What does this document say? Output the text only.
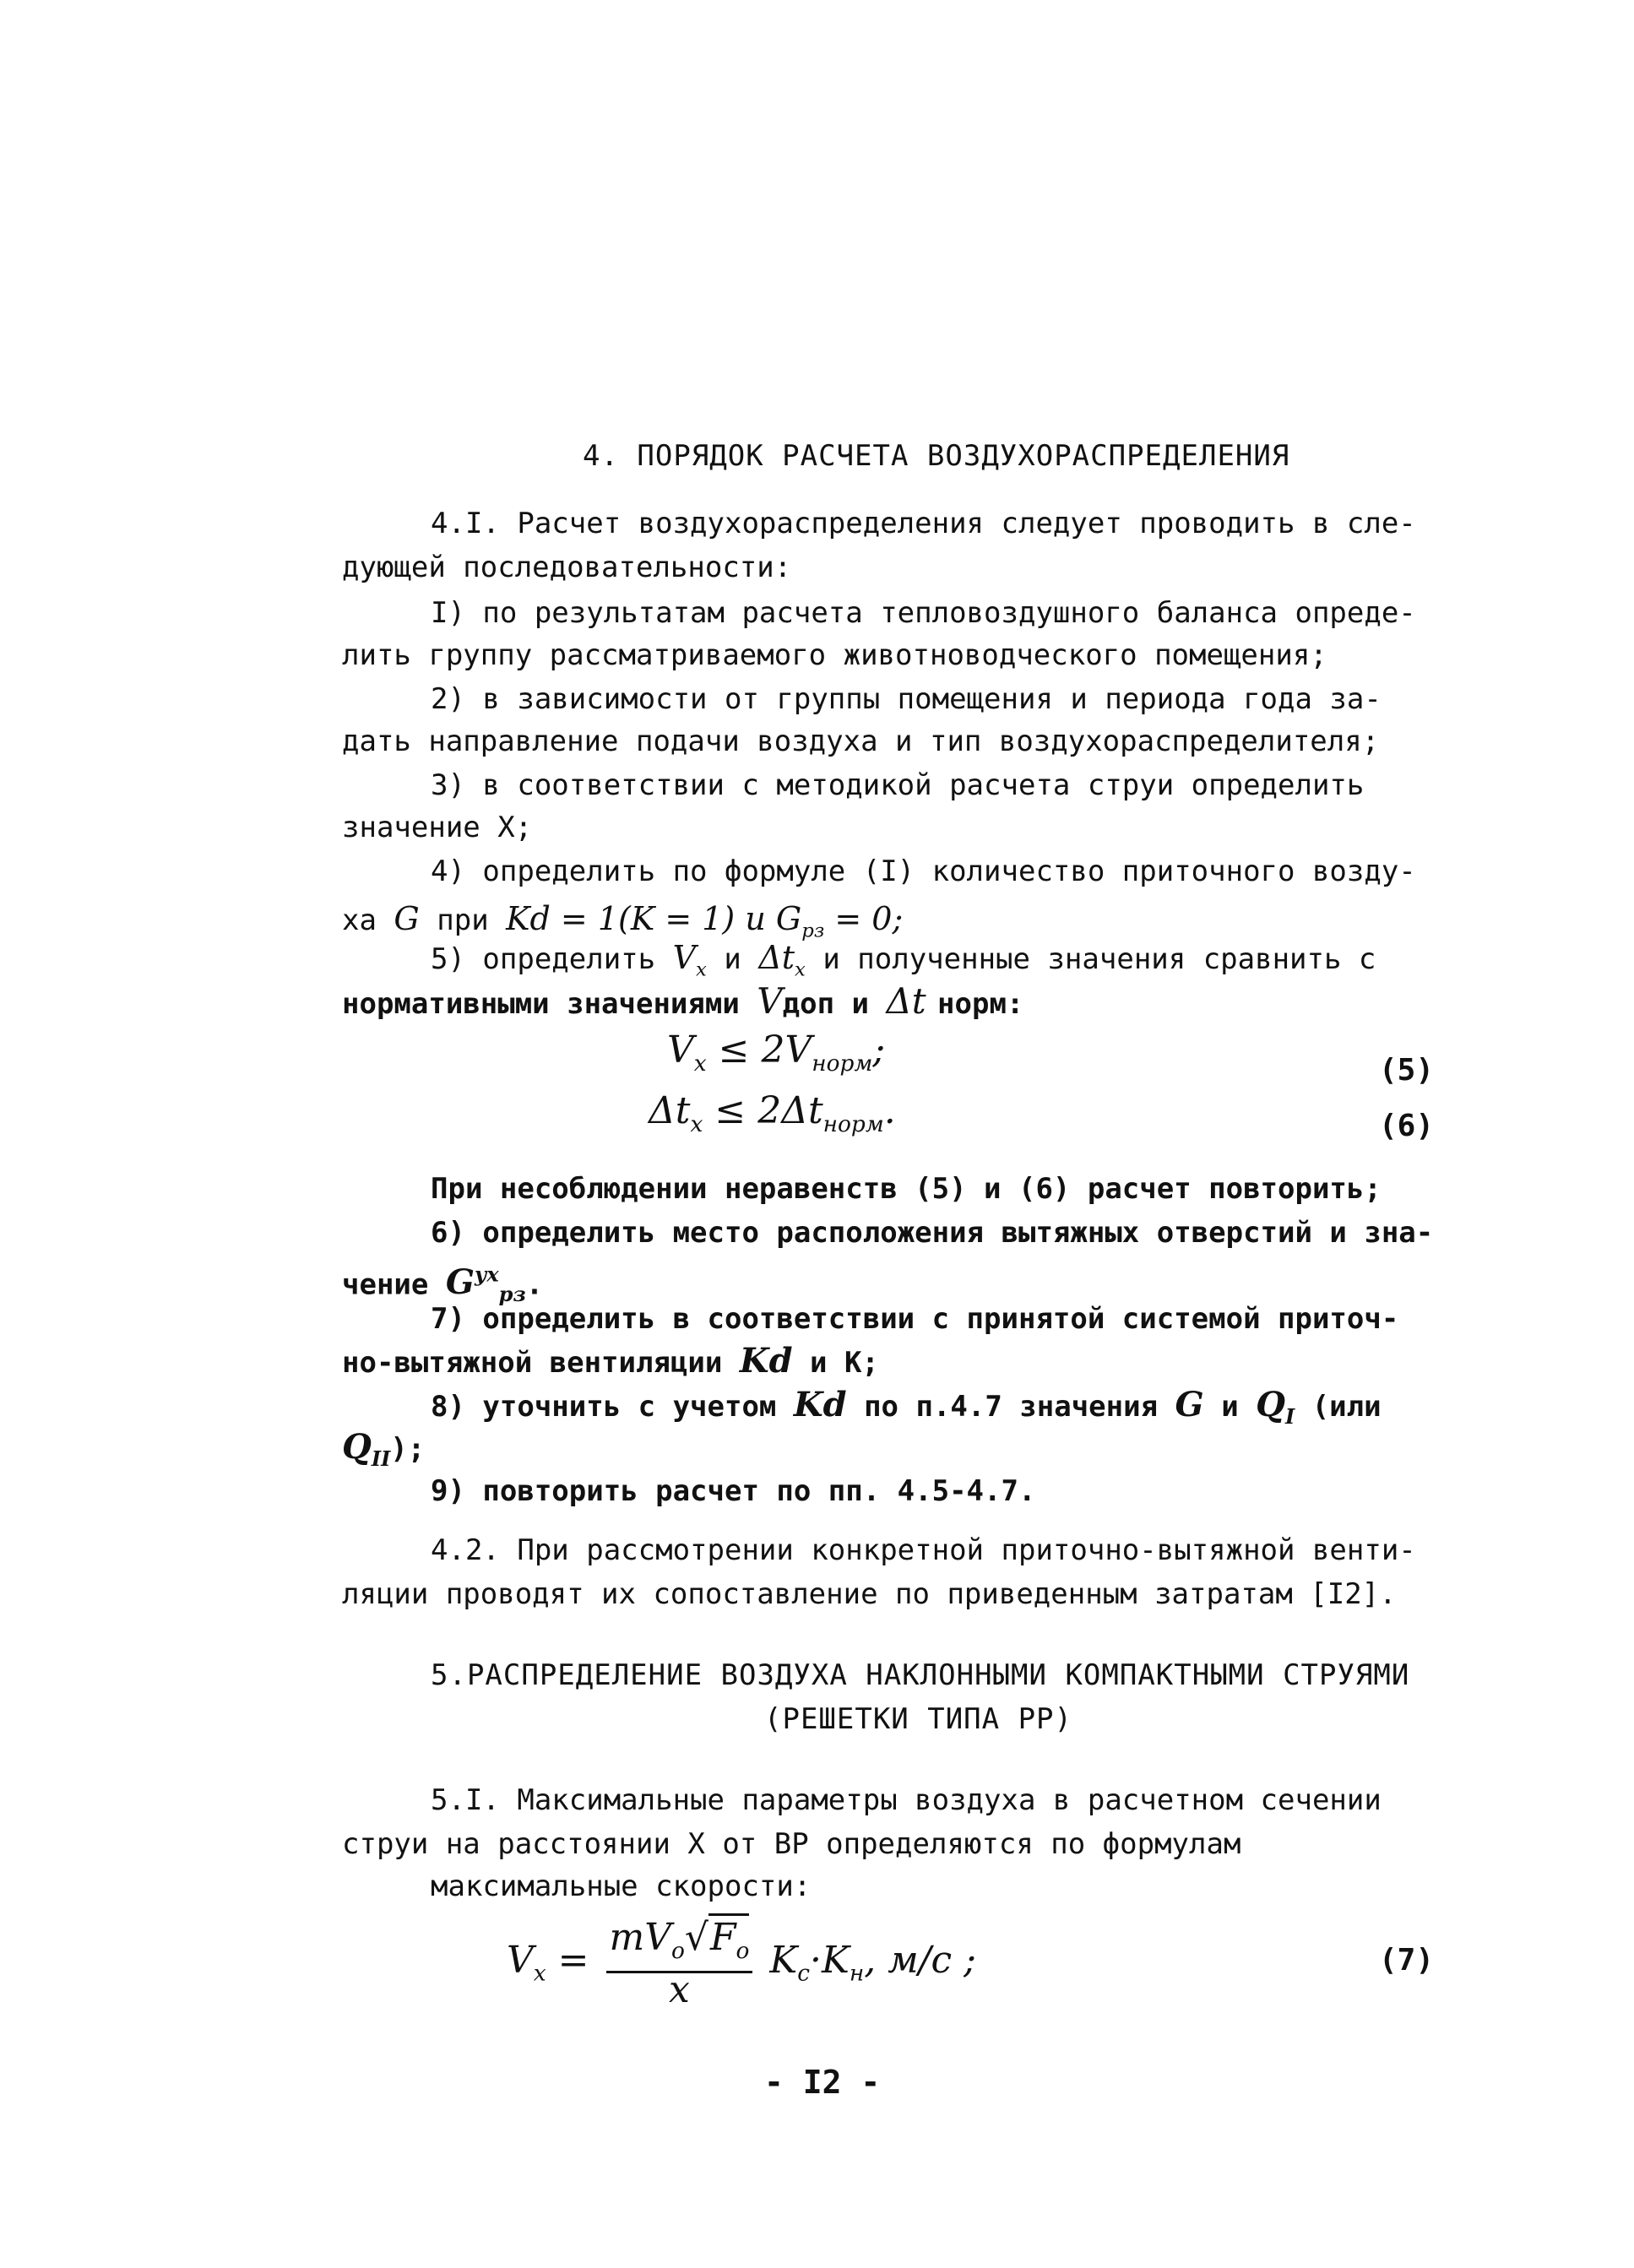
4. ПОРЯДОК РАСЧЕТА ВОЗДУХОРАСПРЕДЕЛЕНИЯ
4.I. Расчет воздухораспределения следует проводить в сле-
дующей последовательности:
I) по результатам расчета тепловоздушного баланса опреде-
лить группу рассматриваемого животноводческого помещения;
2) в зависимости от группы помещения и периода года за-
дать направление подачи воздуха и тип воздухораспределителя;
3) в соответствии с методикой расчета струи определить
значение X;
4) определить по формуле (I) количество приточного возду-
ха G при Kd = 1(K = 1) и $G_{рз} = 0$;
5) определить $V_x$ и $\Delta t_x$ и полученные значения сравнить с
нормативными значениями Vдоп и Δt норм:
$V_x \le 2V_{норм}$;	(5)
$\Delta t_x \le 2\Delta t_{норм}$.	(6)
При несоблюдении неравенств (5) и (6) расчет повторить;
6) определить место расположения вытяжных отверстий и зна-
чение $G^{ух}_{рз}$.
7) определить в соответствии с принятой системой приточ-
но-вытяжной вентиляции Kd и K;
8) уточнить с учетом Kd по п.4.7 значения G и $Q_I$ (или
$Q_{II}$);
9) повторить расчет по пп. 4.5-4.7.
4.2. При рассмотрении конкретной приточно-вытяжной венти-
ляции проводят их сопоставление по приведенным затратам [I2].
5.РАСПРЕДЕЛЕНИЕ ВОЗДУХА НАКЛОННЫМИ КОМПАКТНЫМИ СТРУЯМИ
(РЕШЕТКИ ТИПА РР)
5.I. Максимальные параметры воздуха в расчетном сечении
струи на расстоянии X от ВР определяются по формулам
максимальные скорости:
$V_x = \frac{mV_o√F_o}{x} K_c\cdot K_н$, м/с ;	(7)
- I2 -
